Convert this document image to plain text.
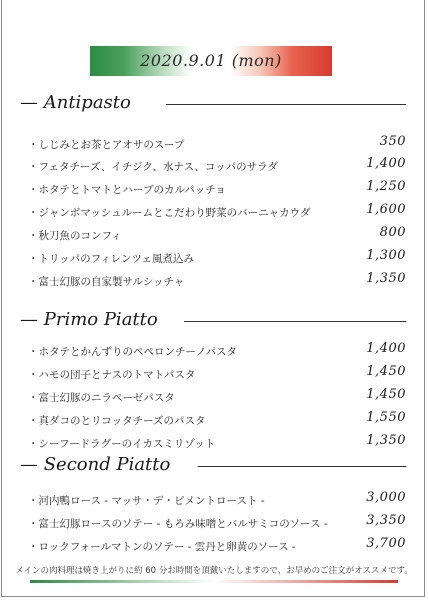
2020.9.01 (mon)
— Antipasto
・しじみとお茶とアオサのスープ	350
・フェタチーズ、イチジク、水ナス、コッパのサラダ	1,400
・ホタテとトマトとハーブのカルパッチョ	1,250
・ジャンボマッシュルームとこだわり野菜のバーニャカウダ	1,600
・秋刀魚のコンフィ	800
・トリッパのフィレンツェ風煮込み	1,300
・富士幻豚の自家製サルシッチャ	1,350
— Primo Piatto
・ホタテとかんずりのペペロンチーノパスタ	1,400
・ハモの団子とナスのトマトパスタ	1,450
・富士幻豚のニラペーゼパスタ	1,450
・真ダコのとリコッタチーズのパスタ	1,550
・シーフードラグーのイカスミリゾット	1,350
— Second Piatto
・河内鴨ロース - マッサ・デ・ピメントロースト -	3,000
・富士幻豚ロースのソテー - もろみ味噌とバルサミコのソース -	3,350
・ロックフォールマトンのソテー - 雲丹と卵黄のソース -	3,700
メインの肉料理は焼き上がりに約 60 分お時間を頂戴いたしますので、お早めのご注文がオススメです。
